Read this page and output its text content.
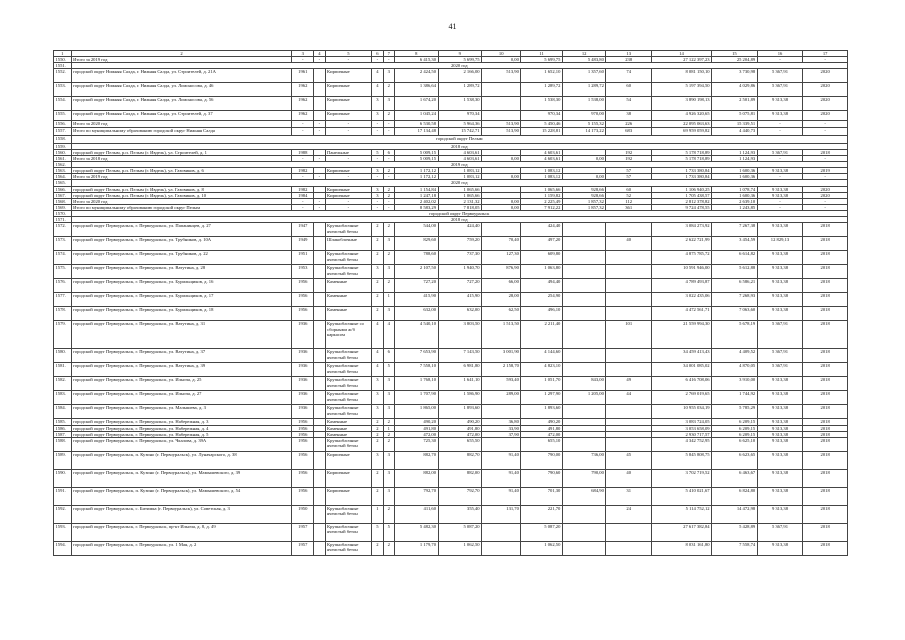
41
1	2	3	4	5	6	7	8	9	10	11	12	13	14	15	16	17
1550.	Итого за 2019 год	-	-	-	-	-	6 415,30	5 699,75	0,00	5 699,75	5 483,80	238	27 122 397,23	25 204,89	-	-
1551.	2020 год															
1552.	городской округ Нижняя Салда, г. Нижняя Салда, ул. Строителей, д. 21А	1961		Кирпичные	4	3	2 424,50	2 166,00	513,90	1 652,10	1 357,60	74	8 081 150,10	3 730,98	5 367,91	2020
1553.	городской округ Нижняя Салда, г. Нижняя Салда, ул. Ломоносова, д. 46	1962		Кирпичные	4	2	1 386,64	1 289,72		1 289,72	1 289,72	60	5 197 394,50	4 029,86	5 367,91	2020
1554.	городской округ Нижняя Салда, г. Нижняя Салда, ул. Ломоносова, д. 56	1962		Кирпичные	3	3	1 674,20	1 538,30		1 538,30	1 538,00	54	3 890 198,13	2 501,89	9 313,38	2020
1555.	городской округ Нижняя Салда, г. Нижняя Салда, ул. Строителей, д. 37	1962		Кирпичные	3	2	1 045,24	970,34		970,34	970,00	38	4 926 320,65	5 075,81	9 313,38	2020
1556.	Итого за 2020 год	-	-	-	-	-	6 530,58	5 964,36	513,90	5 450,46	5 155,32	226	22 095 063,63	15 339,51	-	-
1557.	Итого по муниципальному образованию городской округ Нижняя Салда	-	-	-	-	-	17 134,48	15 742,71	513,90	15 228,81	14 173,22	683	69 959 059,82	4 440,73	-	-
1558.	городской округ Пелым															
1559.	2018 год															
1560.	городской округ Пелым, р.п. Пелым (г. Ивдель), ул. Строителей, д. 1	1988		Панельные	5	6	5 009,15	4 603,61		4 603,61		192	5 178 718,89	1 124,93	5 367,91	2018
1561.	Итого за 2018 год	-	-	-	-	-	5 009,15	4 603,61	0,00	4 603,61	0,00	192	5 178 718,89	1 124,93	-	-
1562.	2019 год															
1563.	городской округ Пелым, р.п. Пелым (г. Ивдель), ул. Газовиков, д. 6	1982		Кирпичные	3	2	1 172,12	1 083,12		1 083,12		57	1 733 380,84	1 600,36	9 313,38	2019
1564.	Итого за 2019 год	-	-	-	-	-	1 172,12	1 083,12	0,00	1 083,12	0,00	57	1 733 380,84	1 600,36	-	-
1565.	2020 год															
1566.	городской округ Пелым, р.п. Пелым (г. Ивдель), ул. Газовиков, д. 8	1982		Кирпичные	3	2	1 154,84	1 065,66		1 065,66	928,66	60	1 106 940,25	1 078,74	9 313,38	2020
1567.	городской округ Пелым, р.п. Пелым (г. Ивдель), ул. Газовиков, д. 10	1984		Кирпичные	3	2	1 247,18	1 065,66		1 159,82	928,66	52	1 705 438,57	1 600,36	9 313,38	2020
1568.	Итого за 2020 год	-	-	-	-	-	2 402,02	2 131,32	0,00	2 225,49	1 857,32	112	2 812 378,82	2 639,10	-	-
1569.	Итого по муниципальному образованию городской округ Пелым	-	-	-	-	-	8 583,29	7 818,05	0,00	7 912,22	1 857,32	361	9 724 478,55	1 243,85	-	-
1570.	городской округ Первоуральск															
1571.	2018 год															
1572.	городской округ Первоуральск, г. Первоуральск, ул. Папанинцев, д. 27	1947		Крупноблочные ячеистый бетон	2	2	544,00	424,40		424,40			3 084 273,92	7 267,38	9 313,38	2018
1573.	городской округ Первоуральск, г. Первоуральск, ул. Трубников, д. 10А	1949		Шлакоблочные	2	3	829,60	759,20	70,40	497,20		40	2 622 721,99	3 454,59	12 829,13	2018
1574.	городской округ Первоуральск, г. Первоуральск, ул. Трубников, д. 22	1951		Крупноблочные ячеистый бетон	2	2	788,60	737,30	127,30	609,80			4 875 785,72	6 614,82	9 313,38	2018
1575.	городской округ Первоуральск, г. Первоуральск, ул. Ватутина, д. 28	1953		Крупноблочные ячеистый бетон	3	3	2 107,50	1 940,70	876,90	1 063,80			10 591 946,00	5 612,88	9 313,38	2018
1576.	городской округ Первоуральск, г. Первоуральск, ул. Бурильщиков, д. 16	1956		Каменные	2	2	727,20	727,20	66,00	494,40			4 789 493,87	6 586,21	9 313,38	2018
1577.	городской округ Первоуральск, г. Первоуральск, ул. Бурильщиков, д. 17	1956		Каменные	2	1	415,90	415,90	28,00	254,90			3 022 435,06	7 268,93	9 313,38	2018
1578.	городской округ Первоуральск, г. Первоуральск, ул. Бурильщиков, д. 18	1956		Каменные	2	3	632,00	632,00	62,50	496,10			4 472 561,71	7 063,60	9 313,38	2018
1579.	городской округ Первоуральск, г. Первоуральск, ул. Ватутина, д. 31	1936		Крупноблочные со сборными ж/б каркасом	4	4	4 540,10	3 803,50	1 513,50	2 211,40		101	21 559 994,30	5 678,19	5 367,91	2018
1580.	городской округ Первоуральск, г. Первоуральск, ул. Ватутина, д. 37	1936		Крупноблочные ячеистый бетон	4	6	7 653,90	7 143,50	3 001,90	4 144,60			34 459 413,43	4 409,52	5 367,91	2018
1581.	городской округ Первоуральск, г. Первоуральск, ул. Ватутина, д. 39	1936		Крупноблочные ячеистый бетон	4	5	7 558,10	6 981,80	2 158,70	4 823,10			34 001 085,02	4 870,05	5 367,91	2018
1582.	городской округ Первоуральск, г. Первоуральск, ул. Ильича, д. 25	1936		Крупноблочные ячеистый бетон	3	3	1 768,10	1 641,10	593,40	1 051,70	843,00	49	6 416 708,06	3 910,00	9 313,38	2018
1583.	городской округ Первоуральск, г. Первоуральск, ул. Ильича, д. 27	1936		Крупноблочные ячеистый бетон	3	3	1 707,90	1 586,90	289,00	1 297,90	1 205,00	44	2 769 019,65	1 744,92	9 313,38	2018
1584.	городской округ Первоуральск, г. Первоуральск, ул. Малышева, д. 3	1936		Крупноблочные ячеистый бетон	3	3	1 865,00	1 893,60		1 893,60			10 955 034,19	5 785,29	9 313,38	2018
1585.	городской округ Первоуральск, г. Первоуральск, ул. Набережная, д. 3	1956		Каменные	2	2	490,20	490,20	36,80	490,20			3 083 724,05	6 209,15	9 313,38	2018
1586.	городской округ Первоуральск, г. Первоуральск, ул. Набережная, д. 4	1956		Каменные	2	1	491,80	491,80	33,90	491,80			3 053 658,09	6 209,15	9 313,38	2018
1587.	городской округ Первоуральск, г. Первоуральск, ул. Набережная, д. 5	1956		Каменные	2	2	472,00	472,00	37,90	472,00			2 930 717,57	6 209,15	9 313,38	2018
1588.	городской округ Первоуральск, г. Первоуральск, ул. Чкалова, д. 39А	1956		Крупноблочные ячеистый бетон	2	2	725,30	655,50		655,10			4 342 752,95	6 625,10	9 313,38	2018
1589.	городской округ Первоуральск, п. Кузино (г. Первоуральск), ул. Луначарского, д. 38	1956		Кирпичные	3	3	882,70	882,70	91,40	790,00	736,00	45	5 845 808,75	6 623,65	9 313,38	2018
1590.	городской округ Первоуральск, п. Кузино (г. Первоуральск), ул. Мамышевского, д. 39	1956		Кирпичные	2	3	882,00	882,00	91,40	790,60	790,00	40	3 702 719,52	6 463,67	9 313,38	2018
1591.	городской округ Первоуральск, п. Кузино (г. Первоуральск), ул. Мамышевского, д. 54	1956		Кирпичные	2	3	792,70	792,70	91,40	701,30	684,90	31	5 410 021,67	6 824,80	9 313,38	2018
1592.	городской округ Первоуральск, с. Битимка (г. Первоуральск), ул. Советская, д. 3	1950		Крупноблочные ячеистый бетон	1	2	411,60	355,40	131,70	221,70		24	5 114 752,12	14 472,98	9 313,38	2018
1593.	городской округ Первоуральск, г. Первоуральск, пр-кт Ильича, д. 8, д. 49	1957		Крупноблочные ячеистый бетон	5	5	5 482,30	5 087,20		5 087,20			27 617 382,84	5 428,89	5 367,91	2018
1594.	городской округ Первоуральск, г. Первоуральск, ул. 1 Мая, д. 2	1957		Крупноблочные ячеистый бетон	2	2	1 179,70	1 062,50		1 062,50			8 031 161,80	7 558,74	9 313,38	2018
